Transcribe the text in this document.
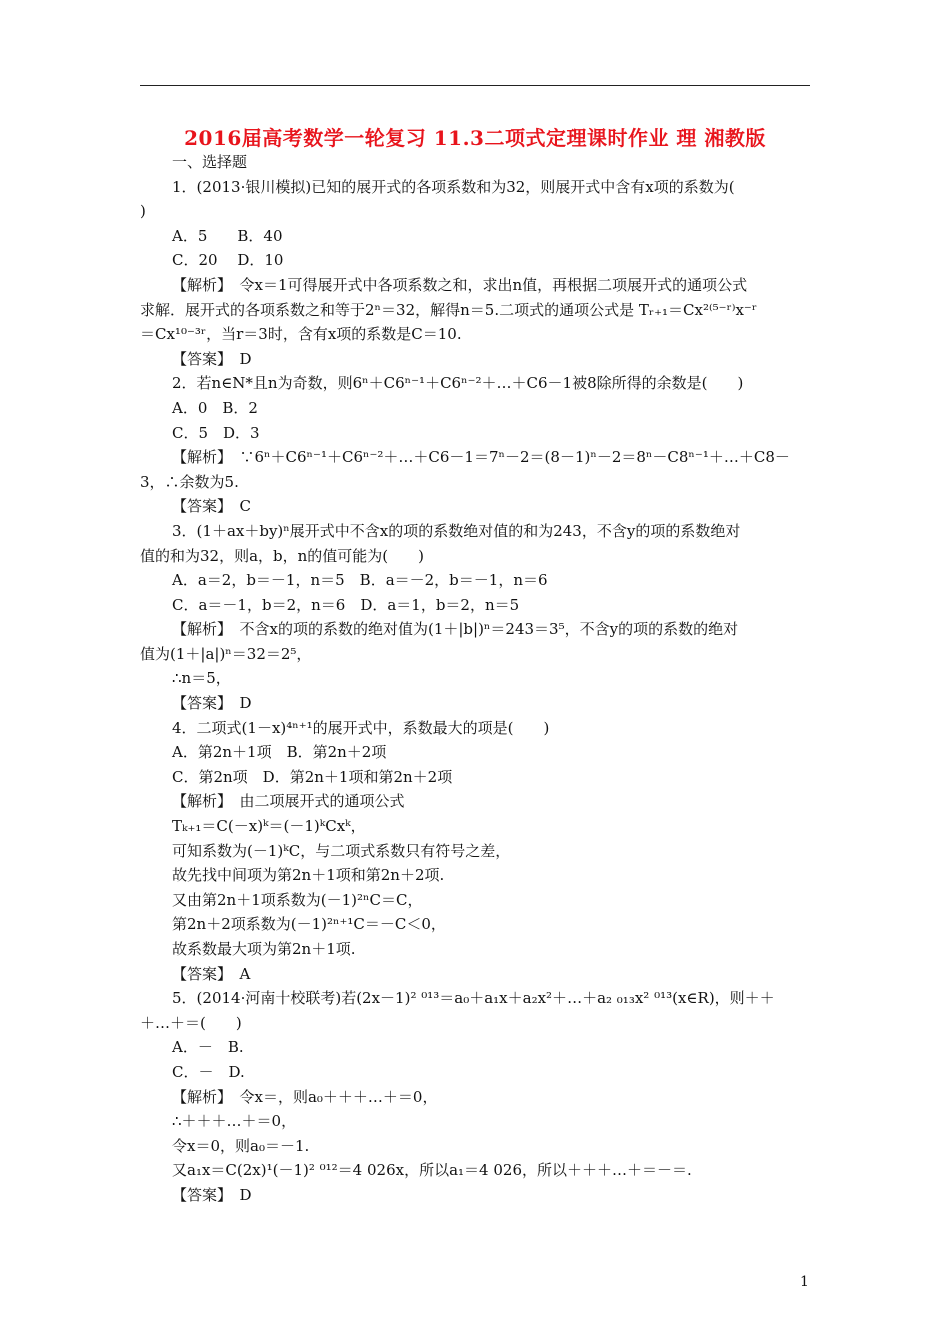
2016届高考数学一轮复习 11.3二项式定理课时作业 理 湘教版
一、选择题
1．(2013·银川模拟)已知的展开式的各项系数和为32，则展开式中含有x项的系数为(
)
A．5　　B．40
C．20　 D．10
【解析】　令x＝1可得展开式中各项系数之和，求出n值，再根据二项展开式的通项公式
求解．展开式的各项系数之和等于2ⁿ＝32，解得n＝5.二项式的通项公式是 Tᵣ₊₁＝Cx²⁽⁵⁻ʳ⁾x⁻ʳ
＝Cx¹⁰⁻³ʳ，当r＝3时，含有x项的系数是C＝10.
【答案】　D
2．若n∈N*且n为奇数，则6ⁿ＋C6ⁿ⁻¹＋C6ⁿ⁻²＋…＋C6－1被8除所得的余数是(　　)
A．0　B．2
C．5　D．3
【解析】　∵6ⁿ＋C6ⁿ⁻¹＋C6ⁿ⁻²＋…＋C6－1＝7ⁿ－2＝(8－1)ⁿ－2＝8ⁿ－C8ⁿ⁻¹＋…＋C8－
3，∴余数为5.
【答案】　C
3．(1＋ax＋by)ⁿ展开式中不含x的项的系数绝对值的和为243，不含y的项的系数绝对
值的和为32，则a，b，n的值可能为(　　)
A．a＝2，b＝－1，n＝5　B．a＝－2，b＝－1，n＝6
C．a＝－1，b＝2，n＝6　D．a＝1，b＝2，n＝5
【解析】　不含x的项的系数的绝对值为(1＋|b|)ⁿ＝243＝3⁵，不含y的项的系数的绝对
值为(1＋|a|)ⁿ＝32＝2⁵，
∴n＝5，
【答案】　D
4．二项式(1－x)⁴ⁿ⁺¹的展开式中，系数最大的项是(　　)
A．第2n＋1项　B．第2n＋2项
C．第2n项　D．第2n＋1项和第2n＋2项
【解析】　由二项展开式的通项公式
Tₖ₊₁＝C(－x)ᵏ＝(－1)ᵏCxᵏ，
可知系数为(－1)ᵏC，与二项式系数只有符号之差，
故先找中间项为第2n＋1项和第2n＋2项.
又由第2n＋1项系数为(－1)²ⁿC＝C，
第2n＋2项系数为(－1)²ⁿ⁺¹C＝－C＜0，
故系数最大项为第2n＋1项.
【答案】　A
5．(2014·河南十校联考)若(2x－1)² ⁰¹³＝a₀＋a₁x＋a₂x²＋…＋a₂ ₀₁₃x² ⁰¹³(x∈R)，则＋＋
＋…＋＝(　　)
A．－　B.
C．－　D.
【解析】　令x＝，则a₀＋＋＋…＋＝0，
∴＋＋＋…＋＝0，
令x＝0，则a₀＝－1.
又a₁x＝C(2x)¹(－1)² ⁰¹²＝4 026x，所以a₁＝4 026，所以＋＋＋…＋＝－＝.
【答案】　D
1
